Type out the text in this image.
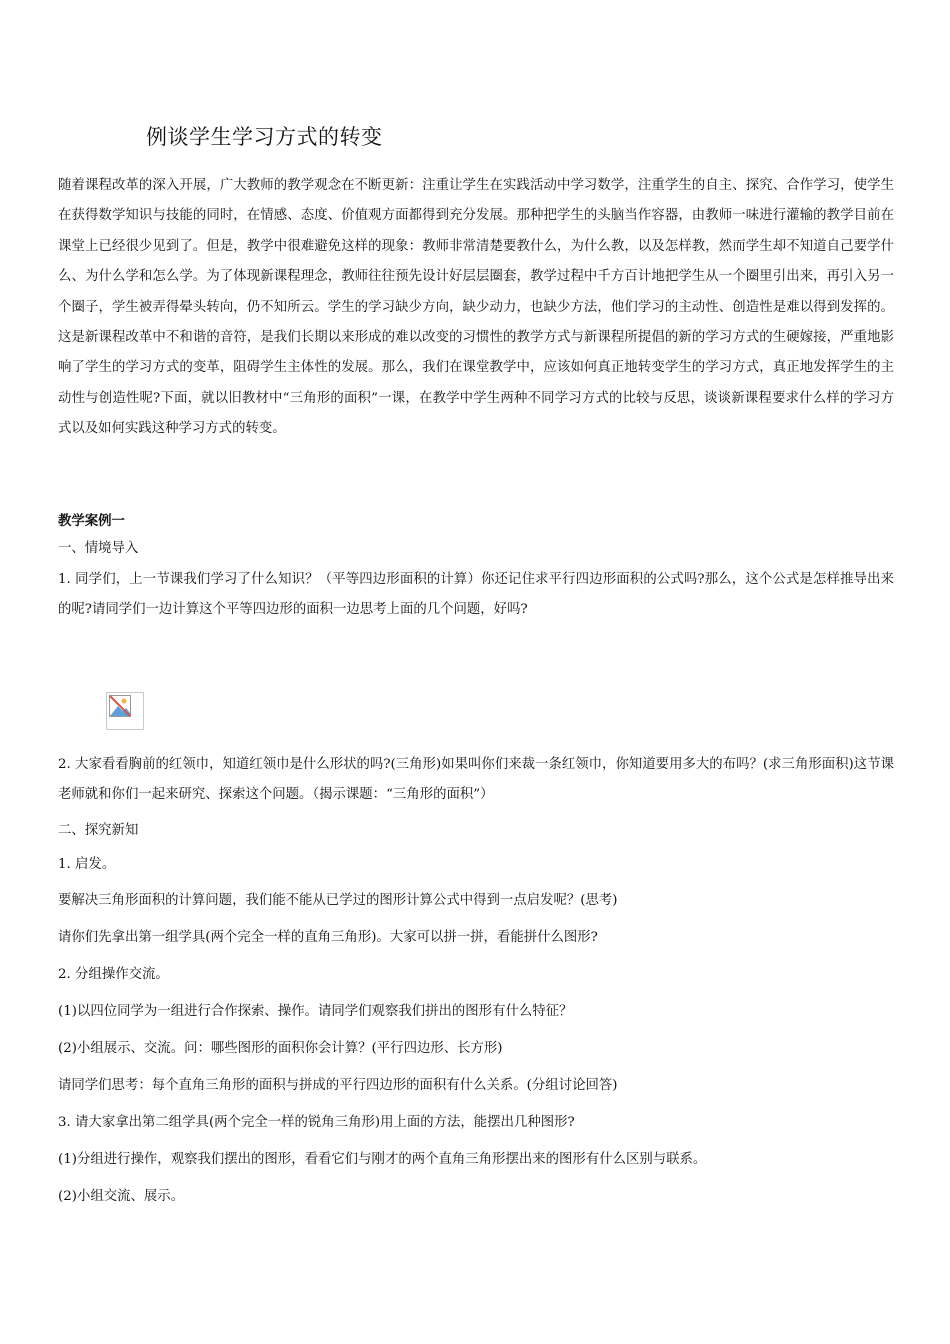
例谈学生学习方式的转变

随着课程改革的深入开展，广大教师的教学观念在不断更新：注重让学生在实践活动中学习数学，注重学生的自主、探究、合作学习，使学生在获得数学知识与技能的同时，在情感、态度、价值观方面都得到充分发展。那种把学生的头脑当作容器，由教师一味进行灌输的教学目前在课堂上已经很少见到了。但是，教学中很难避免这样的现象：教师非常清楚要教什么，为什么教，以及怎样教，然而学生却不知道自己要学什么、为什么学和怎么学。为了体现新课程理念，教师往往预先设计好层层圈套，教学过程中千方百计地把学生从一个圈里引出来，再引入另一个圈子，学生被弄得晕头转向，仍不知所云。学生的学习缺少方向，缺少动力，也缺少方法，他们学习的主动性、创造性是难以得到发挥的。这是新课程改革中不和谐的音符，是我们长期以来形成的难以改变的习惯性的教学方式与新课程所提倡的新的学习方式的生硬嫁接，严重地影响了学生的学习方式的变革，阻碍学生主体性的发展。那么，我们在课堂教学中，应该如何真正地转变学生的学习方式，真正地发挥学生的主动性与创造性呢?下面，就以旧教材中“三角形的面积”一课，在教学中学生两种不同学习方式的比较与反思，谈谈新课程要求什么样的学习方式以及如何实践这种学习方式的转变。

教学案例一
一、情境导入

1. 同学们，上一节课我们学习了什么知识？（平等四边形面积的计算）你还记住求平行四边形面积的公式吗?那么，这个公式是怎样推导出来的呢?请同学们一边计算这个平等四边形的面积一边思考上面的几个问题，好吗?

2. 大家看看胸前的红领巾，知道红领巾是什么形状的吗?(三角形)如果叫你们来裁一条红领巾，你知道要用多大的布吗？(求三角形面积)这节课老师就和你们一起来研究、探索这个问题。（揭示课题：“三角形的面积”）

二、探究新知
1. 启发。
要解决三角形面积的计算问题，我们能不能从已学过的图形计算公式中得到一点启发呢？(思考)
请你们先拿出第一组学具(两个完全一样的直角三角形)。大家可以拼一拼，看能拼什么图形?
2. 分组操作交流。
(1)以四位同学为一组进行合作探索、操作。请同学们观察我们拼出的图形有什么特征？
(2)小组展示、交流。问：哪些图形的面积你会计算？(平行四边形、长方形)
请同学们思考：每个直角三角形的面积与拼成的平行四边形的面积有什么关系。(分组讨论回答)
3. 请大家拿出第二组学具(两个完全一样的锐角三角形)用上面的方法，能摆出几种图形?
(1)分组进行操作，观察我们摆出的图形，看看它们与刚才的两个直角三角形摆出来的图形有什么区别与联系。
(2)小组交流、展示。
